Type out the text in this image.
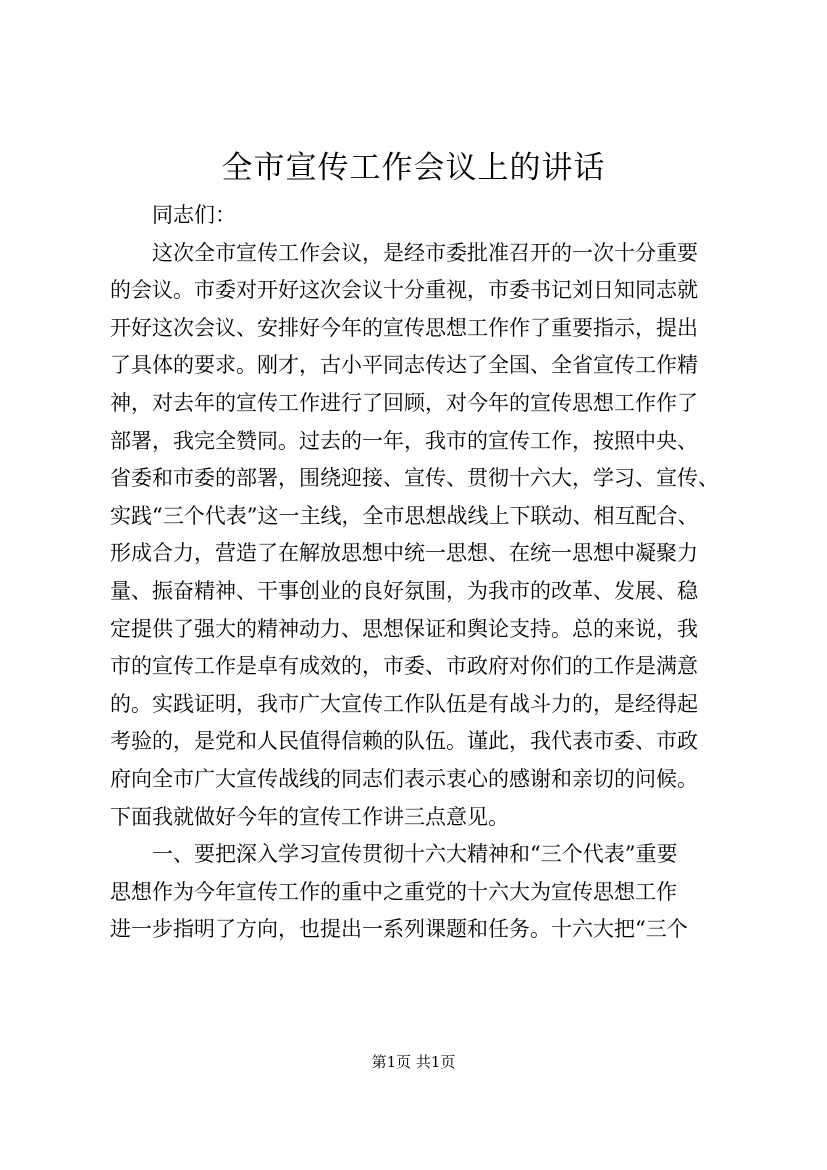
全市宣传工作会议上的讲话
同志们：
这次全市宣传工作会议，是经市委批准召开的一次十分重要
的会议。市委对开好这次会议十分重视，市委书记刘日知同志就
开好这次会议、安排好今年的宣传思想工作作了重要指示，提出
了具体的要求。刚才，古小平同志传达了全国、全省宣传工作精
神，对去年的宣传工作进行了回顾，对今年的宣传思想工作作了
部署，我完全赞同。过去的一年，我市的宣传工作，按照中央、
省委和市委的部署，围绕迎接、宣传、贯彻十六大，学习、宣传、
实践“三个代表”这一主线，全市思想战线上下联动、相互配合、
形成合力，营造了在解放思想中统一思想、在统一思想中凝聚力
量、振奋精神、干事创业的良好氛围，为我市的改革、发展、稳
定提供了强大的精神动力、思想保证和舆论支持。总的来说，我
市的宣传工作是卓有成效的，市委、市政府对你们的工作是满意
的。实践证明，我市广大宣传工作队伍是有战斗力的，是经得起
考验的，是党和人民值得信赖的队伍。谨此，我代表市委、市政
府向全市广大宣传战线的同志们表示衷心的感谢和亲切的问候。
下面我就做好今年的宣传工作讲三点意见。
一、要把深入学习宣传贯彻十六大精神和“三个代表”重要
思想作为今年宣传工作的重中之重党的十六大为宣传思想工作
进一步指明了方向，也提出一系列课题和任务。十六大把“三个
第1页 共1页
